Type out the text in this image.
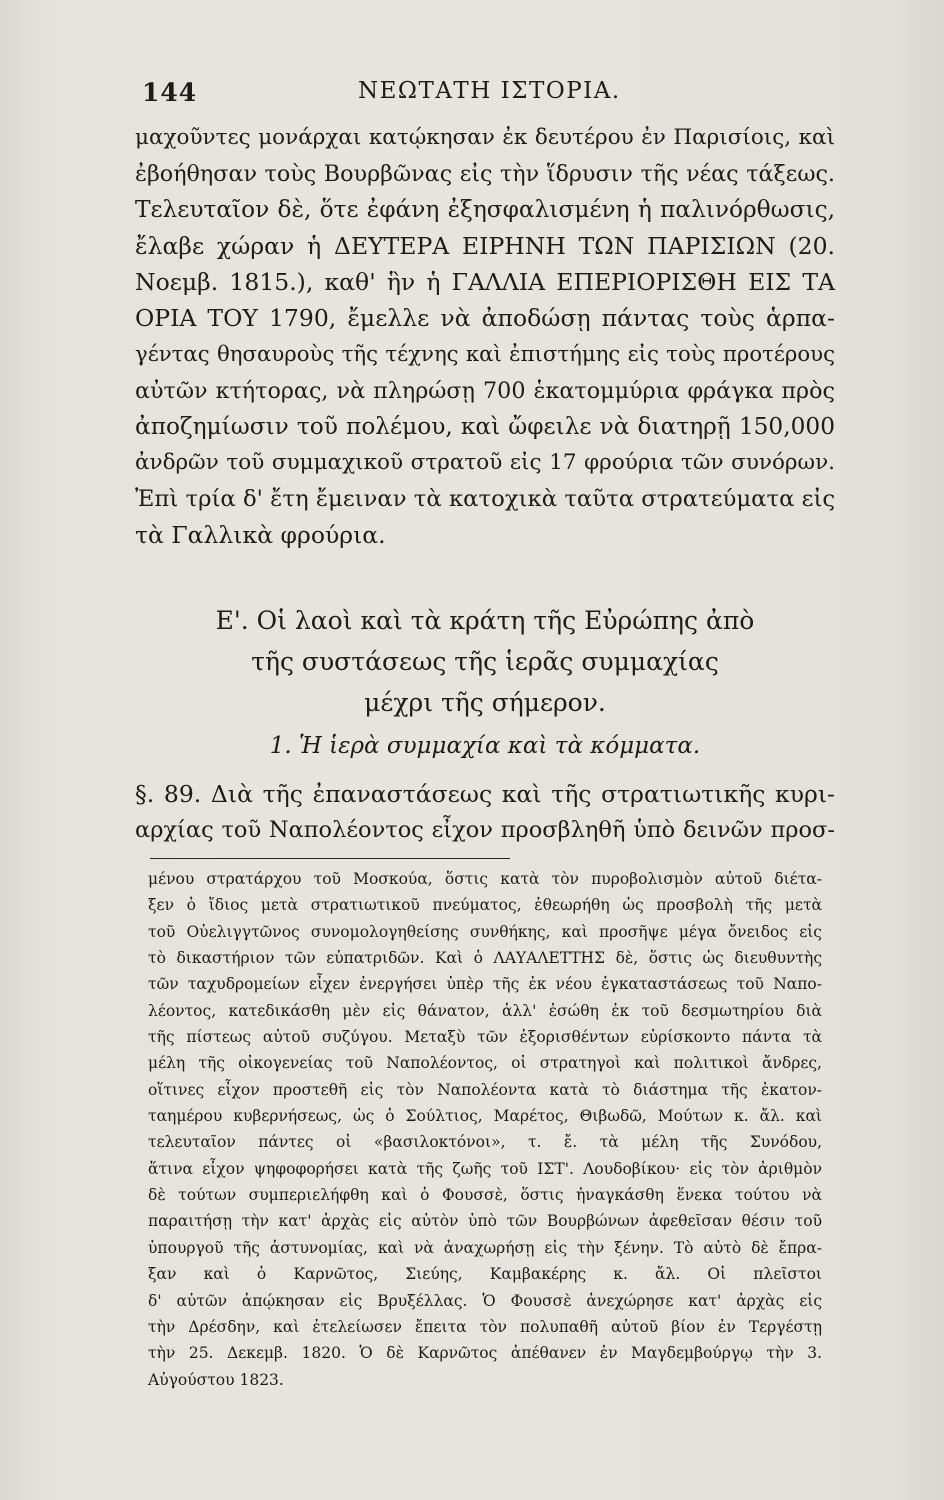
144	ΝΕΩΤΑΤΗ ΙΣΤΟΡΙΑ.
μαχοῦντες μονάρχαι κατῴκησαν ἐκ δευτέρου ἐν Παρισίοις, καὶ
ἐβοήθησαν τοὺς Βουρβῶνας εἰς τὴν ἵδρυσιν τῆς νέας τάξεως.
Τελευταῖον δὲ, ὅτε ἐφάνη ἐξησφαλισμένη ἡ παλινόρθωσις,
ἔλαβε χώραν ἡ ΔΕΥΤΕΡΑ ΕΙΡΗΝΗ ΤΩΝ ΠΑΡΙΣΙΩΝ (20.
Νοεμβ. 1815.), καθ' ἣν ἡ ΓΑΛΛΙΑ ΕΠΕΡΙΟΡΙΣΘΗ ΕΙΣ ΤΑ
ΟΡΙΑ ΤΟΥ 1790, ἔμελλε νὰ ἀποδώσῃ πάντας τοὺς ἁρπα-
γέντας θησαυροὺς τῆς τέχνης καὶ ἐπιστήμης εἰς τοὺς προτέρους
αὐτῶν κτήτορας, νὰ πληρώσῃ 700 ἑκατομμύρια φράγκα πρὸς
ἀποζημίωσιν τοῦ πολέμου, καὶ ὤφειλε νὰ διατηρῇ 150,000
ἀνδρῶν τοῦ συμμαχικοῦ στρατοῦ εἰς 17 φρούρια τῶν συνόρων.
Ἐπὶ τρία δ' ἔτη ἔμειναν τὰ κατοχικὰ ταῦτα στρατεύματα εἰς
τὰ Γαλλικὰ φρούρια.
Ε'. Οἱ λαοὶ καὶ τὰ κράτη τῆς Εὐρώπης ἀπὸ
τῆς συστάσεως τῆς ἱερᾶς συμμαχίας
μέχρι τῆς σήμερον.
1. Ἡ ἱερὰ συμμαχία καὶ τὰ κόμματα.
§. 89. Διὰ τῆς ἐπαναστάσεως καὶ τῆς στρατιωτικῆς κυρι-
αρχίας τοῦ Ναπολέοντος εἶχον προσβληθῆ ὑπὸ δεινῶν προσ-
μένου στρατάρχου τοῦ Μοσκούα, ὅστις κατὰ τὸν πυροβολισμὸν αὐτοῦ διέτα-
ξεν ὁ ἴδιος μετὰ στρατιωτικοῦ πνεύματος, ἐθεωρήθη ὡς προσβολὴ τῆς μετὰ
τοῦ Οὐελιγγτῶνος συνομολογηθείσης συνθήκης, καὶ προσῆψε μέγα ὄνειδος εἰς
τὸ δικαστήριον τῶν εὐπατριδῶν. Καὶ ὁ ΛΑΥΑΛΕΤΤΗΣ δὲ, ὅστις ὡς διευθυντὴς
τῶν ταχυδρομείων εἶχεν ἐνεργήσει ὑπὲρ τῆς ἐκ νέου ἐγκαταστάσεως τοῦ Ναπο-
λέοντος, κατεδικάσθη μὲν εἰς θάνατον, ἀλλ' ἐσώθη ἐκ τοῦ δεσμωτηρίου διὰ
τῆς πίστεως αὐτοῦ συζύγου. Μεταξὺ τῶν ἐξορισθέντων εὑρίσκοντο πάντα τὰ
μέλη τῆς οἰκογενείας τοῦ Ναπολέοντος, οἱ στρατηγοὶ καὶ πολιτικοὶ ἄνδρες,
οἵτινες εἶχον προστεθῆ εἰς τὸν Ναπολέοντα κατὰ τὸ διάστημα τῆς ἑκατον-
ταημέρου κυβερνήσεως, ὡς ὁ Σούλτιος, Μαρέτος, Θιβωδῶ, Μούτων κ. ἄλ. καὶ
τελευταῖον πάντες οἱ «βασιλοκτόνοι», τ. ἔ. τὰ μέλη τῆς Συνόδου,
ἅτινα εἶχον ψηφοφορήσει κατὰ τῆς ζωῆς τοῦ ΙΣΤ'. Λουδοβίκου· εἰς τὸν ἀριθμὸν
δὲ τούτων συμπεριελήφθη καὶ ὁ Φουσσὲ, ὅστις ἠναγκάσθη ἕνεκα τούτου νὰ
παραιτήσῃ τὴν κατ' ἀρχὰς εἰς αὐτὸν ὑπὸ τῶν Βουρβώνων ἀφεθεῖσαν θέσιν τοῦ
ὑπουργοῦ τῆς ἀστυνομίας, καὶ νὰ ἀναχωρήσῃ εἰς τὴν ξένην. Τὸ αὐτὸ δὲ ἔπρα-
ξαν καὶ ὁ Καρνῶτος, Σιεύης, Καμβακέρης κ. ἄλ. Οἱ πλεῖστοι
δ' αὐτῶν ἀπῴκησαν εἰς Βρυξέλλας. Ὁ Φουσσὲ ἀνεχώρησε κατ' ἀρχὰς εἰς
τὴν Δρέσδην, καὶ ἐτελείωσεν ἔπειτα τὸν πολυπαθῆ αὐτοῦ βίον ἐν Τεργέστῃ
τὴν 25. Δεκεμβ. 1820. Ὁ δὲ Καρνῶτος ἀπέθανεν ἐν Μαγδεμβούργῳ τὴν 3.
Αὐγούστου 1823.
